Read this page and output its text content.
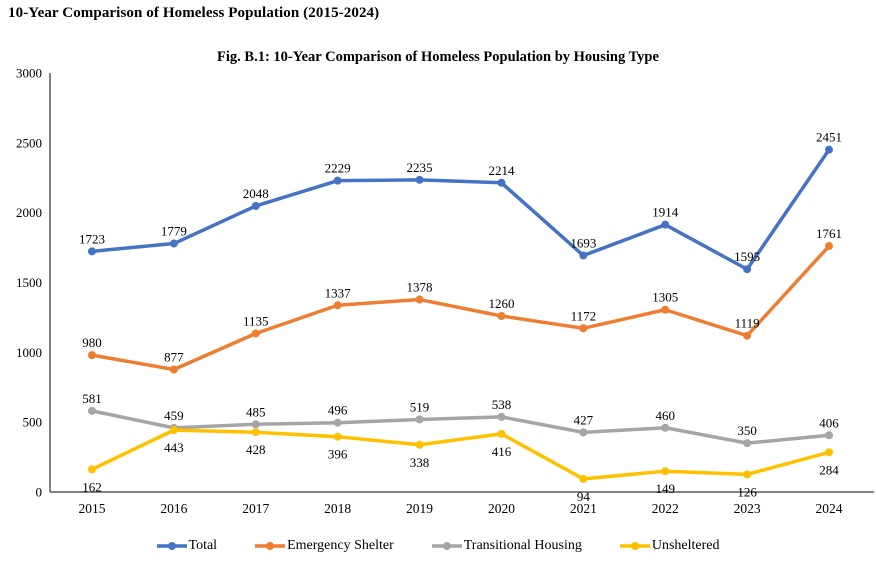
10-Year Comparison of Homeless Population (2015-2024)
Fig. B.1: 10-Year Comparison of Homeless Population by Housing Type
0
500
1000
1500
2000
2500
3000
2015	2016	2017	2018	2019	2020	2021	2022	2023	2024
1723
1779
2048
2229	2235	2214
1693
1914
1595
2451
980
877
1135
1337	1378
1260
1172
1305
1119
1761
581
459	485	496	519	538
427	460
350
406
162
443	428	396
338
416
94
149	126
284
Total	Emergency Shelter	Transitional Housing	Unsheltered
